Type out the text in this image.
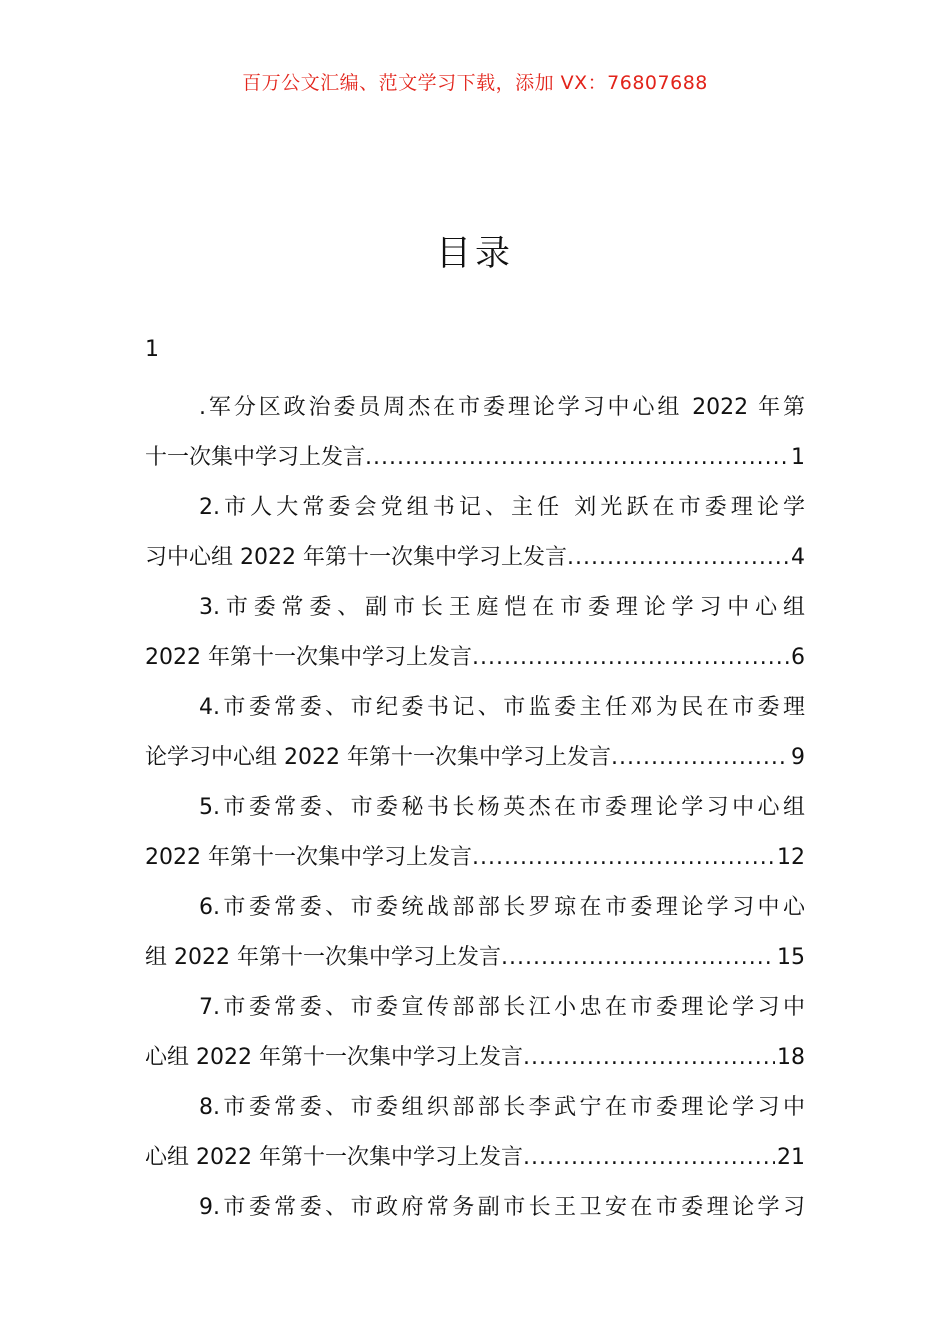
百万公文汇编、范文学习下载，添加 VX：76807688
目录
1
.军分区政治委员周杰在市委理论学习中心组 2022 年第
十一次集中学习上发言 .....	1
2.市人大常委会党组书记、主任 刘光跃在市委理论学
习中心组 2022 年第十一次集中学习上发言 .....	4
3.市委常委、副市长王庭恺在市委理论学习中心组
2022 年第十一次集中学习上发言 .....	6
4.市委常委、市纪委书记、市监委主任邓为民在市委理
论学习中心组 2022 年第十一次集中学习上发言 .....	9
5.市委常委、市委秘书长杨英杰在市委理论学习中心组
2022 年第十一次集中学习上发言 .....	12
6.市委常委、市委统战部部长罗琼在市委理论学习中心
组 2022 年第十一次集中学习上发言 .....	15
7.市委常委、市委宣传部部长江小忠在市委理论学习中
心组 2022 年第十一次集中学习上发言 .....	18
8.市委常委、市委组织部部长李武宁在市委理论学习中
心组 2022 年第十一次集中学习上发言 .....	21
9.市委常委、市政府常务副市长王卫安在市委理论学习
